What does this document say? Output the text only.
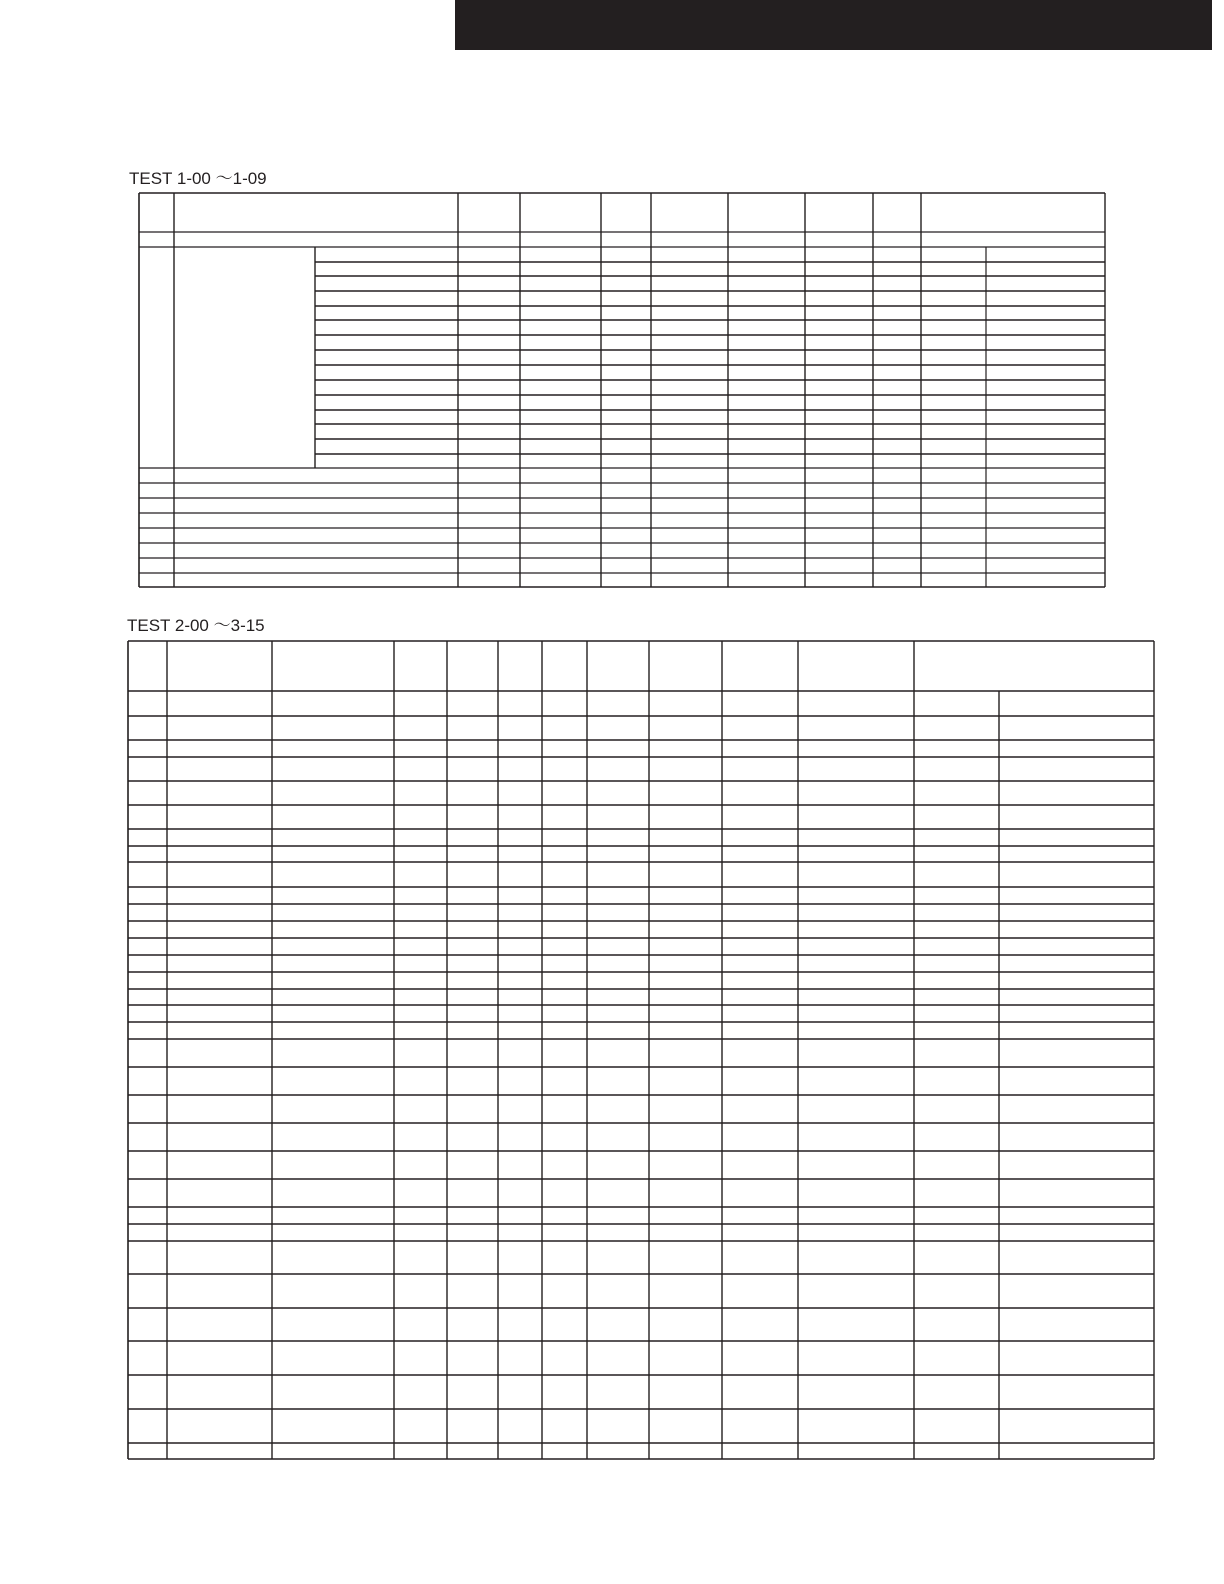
TEST 1-00 〜1-09
TEST 2-00 〜3-15
